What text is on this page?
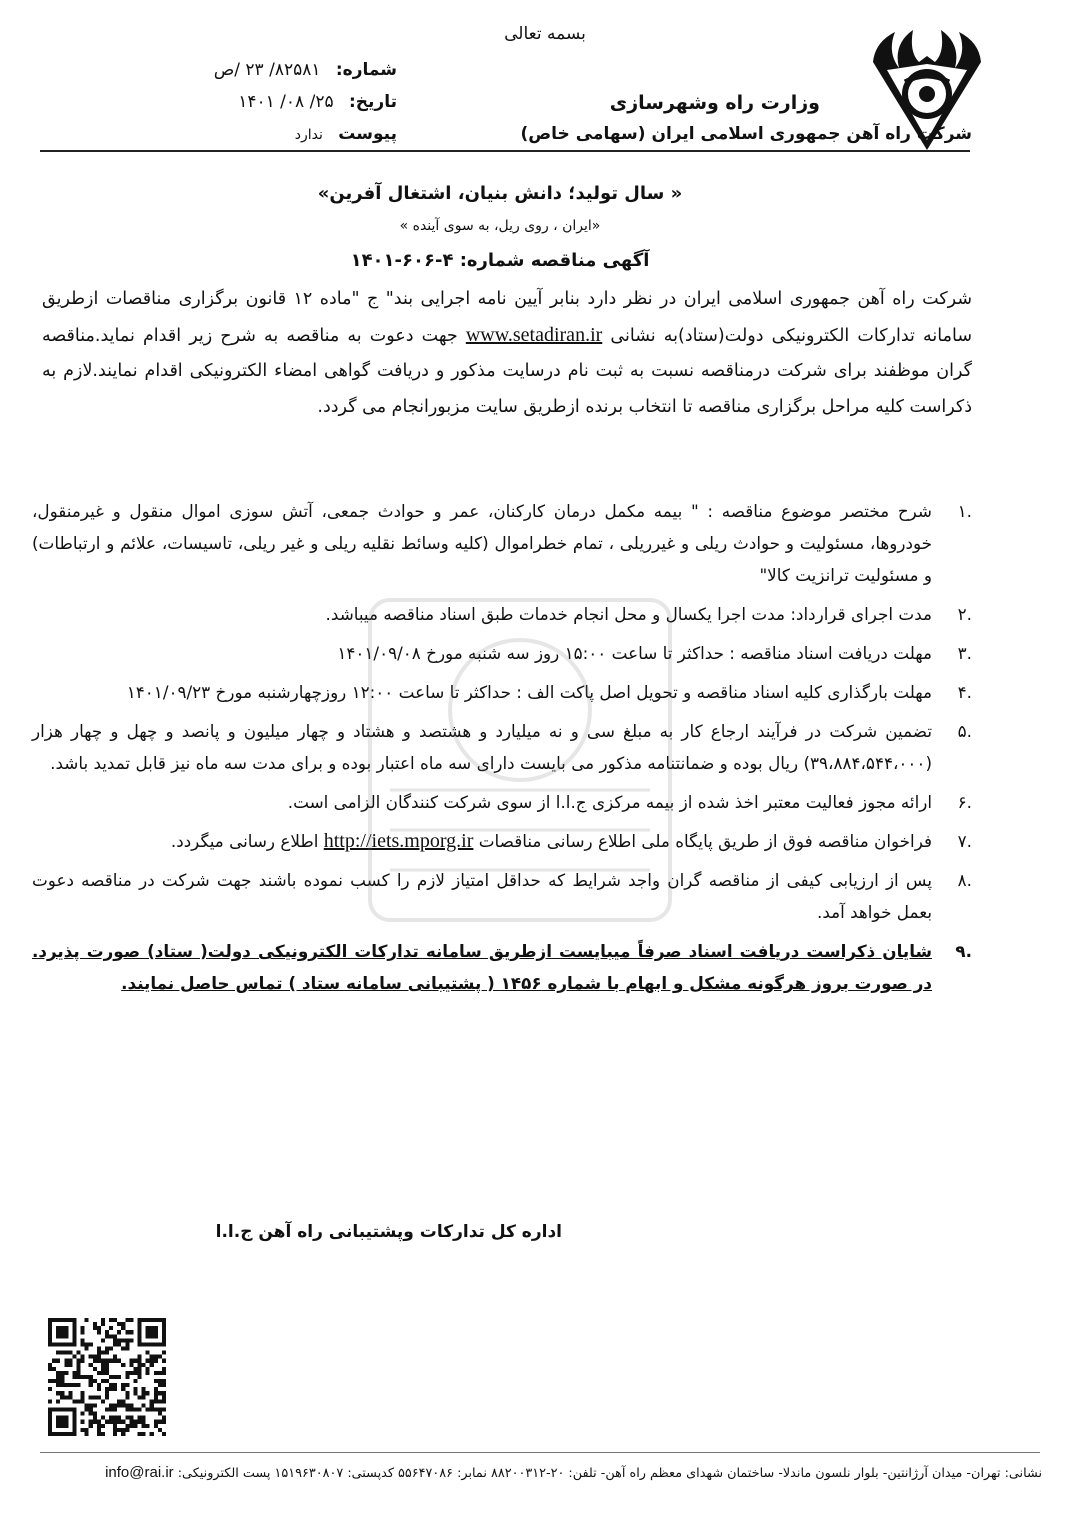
بسمه تعالی
شماره: ۸۲۵۸۱/ ۲۳ /ص
تاریخ: ۲۵/ ۰۸/ ۱۴۰۱
پیوست ندارد
وزارت راه وشهرسازی
شرکت راه آهن جمهوری اسلامی ایران (سهامی خاص)
« سال تولید؛ دانش بنیان، اشتغال آفرین»
«ایران ، روی ریل، به سوی آینده »
آگهی مناقصه شماره: ۴-۶۰۶-۱۴۰۱
شرکت راه آهن جمهوری اسلامی ایران در نظر دارد بنابر آیین نامه اجرایی بند" ج "ماده ۱۲ قانون برگزاری مناقصات ازطریق سامانه تدارکات الکترونیکی دولت(ستاد)به نشانی www.setadiran.ir جهت دعوت به مناقصه به شرح زیر اقدام نماید.مناقصه گران موظفند برای شرکت درمناقصه نسبت به ثبت نام درسایت مذکور و دریافت گواهی امضاء الکترونیکی اقدام نمایند.لازم به ذکراست کلیه مراحل برگزاری مناقصه تا انتخاب برنده ازطریق سایت مزبورانجام می گردد.
.۱
شرح مختصر موضوع مناقصه : " بیمه مکمل درمان کارکنان، عمر و حوادث جمعی، آتش سوزی اموال منقول و غیرمنقول، خودروها، مسئولیت و حوادث ریلی و غیرریلی ، تمام خطراموال (کلیه وسائط نقلیه ریلی و غیر ریلی، تاسیسات، علائم و ارتباطات) و مسئولیت ترانزیت کالا"
.۲
مدت اجرای قرارداد: مدت اجرا یکسال و محل انجام خدمات طبق اسناد مناقصه میباشد.
.۳
مهلت دریافت اسناد مناقصه : حداکثر تا ساعت ۱۵:۰۰ روز سه شنبه مورخ ۱۴۰۱/۰۹/۰۸
.۴
مهلت بارگذاری کلیه اسناد مناقصه و تحویل اصل پاکت الف : حداکثر تا ساعت ۱۲:۰۰ روزچهارشنبه مورخ ۱۴۰۱/۰۹/۲۳
.۵
تضمین شرکت در فرآیند ارجاع کار به مبلغ سی و نه میلیارد و هشتصد و هشتاد و چهار میلیون و پانصد و چهل و چهار هزار (۳۹،۸۸۴،۵۴۴،۰۰۰) ریال بوده و ضمانتنامه مذکور می بایست دارای سه ماه اعتبار بوده و برای مدت سه ماه نیز قابل تمدید باشد.
.۶
ارائه مجوز فعالیت معتبر اخذ شده از بیمه مرکزی ج.ا.ا از سوی شرکت کنندگان الزامی است.
.۷
فراخوان مناقصه فوق از طریق پایگاه ملی اطلاع رسانی مناقصات http://iets.mporg.ir اطلاع رسانی میگردد.
.۸
پس از ارزیابی کیفی از مناقصه گران واجد شرایط که حداقل امتیاز لازم را کسب نموده باشند جهت شرکت در مناقصه دعوت بعمل خواهد آمد.
.۹
شایان ذکراست دریافت اسناد صرفاً میبایست ازطریق سامانه تدارکات الکترونیکی دولت( ستاد) صورت پذیرد. در صورت بروز هرگونه مشکل و ابهام با شماره ۱۴۵۶ ( پشتیبانی سامانه ستاد ) تماس حاصل نمایند.
اداره کل تدارکات وپشتیبانی راه آهن ج.ا.ا
نشانی: تهران- میدان آرژانتین- بلوار نلسون ماندلا- ساختمان شهدای معظم راه آهن- تلفن: ۲۰-۸۸۲۰۰۳۱۲ نمابر: ۵۵۶۴۷۰۸۶ کدپستی: ۱۵۱۹۶۳۰۸۰۷ پست الکترونیکی: info@rai.ir
